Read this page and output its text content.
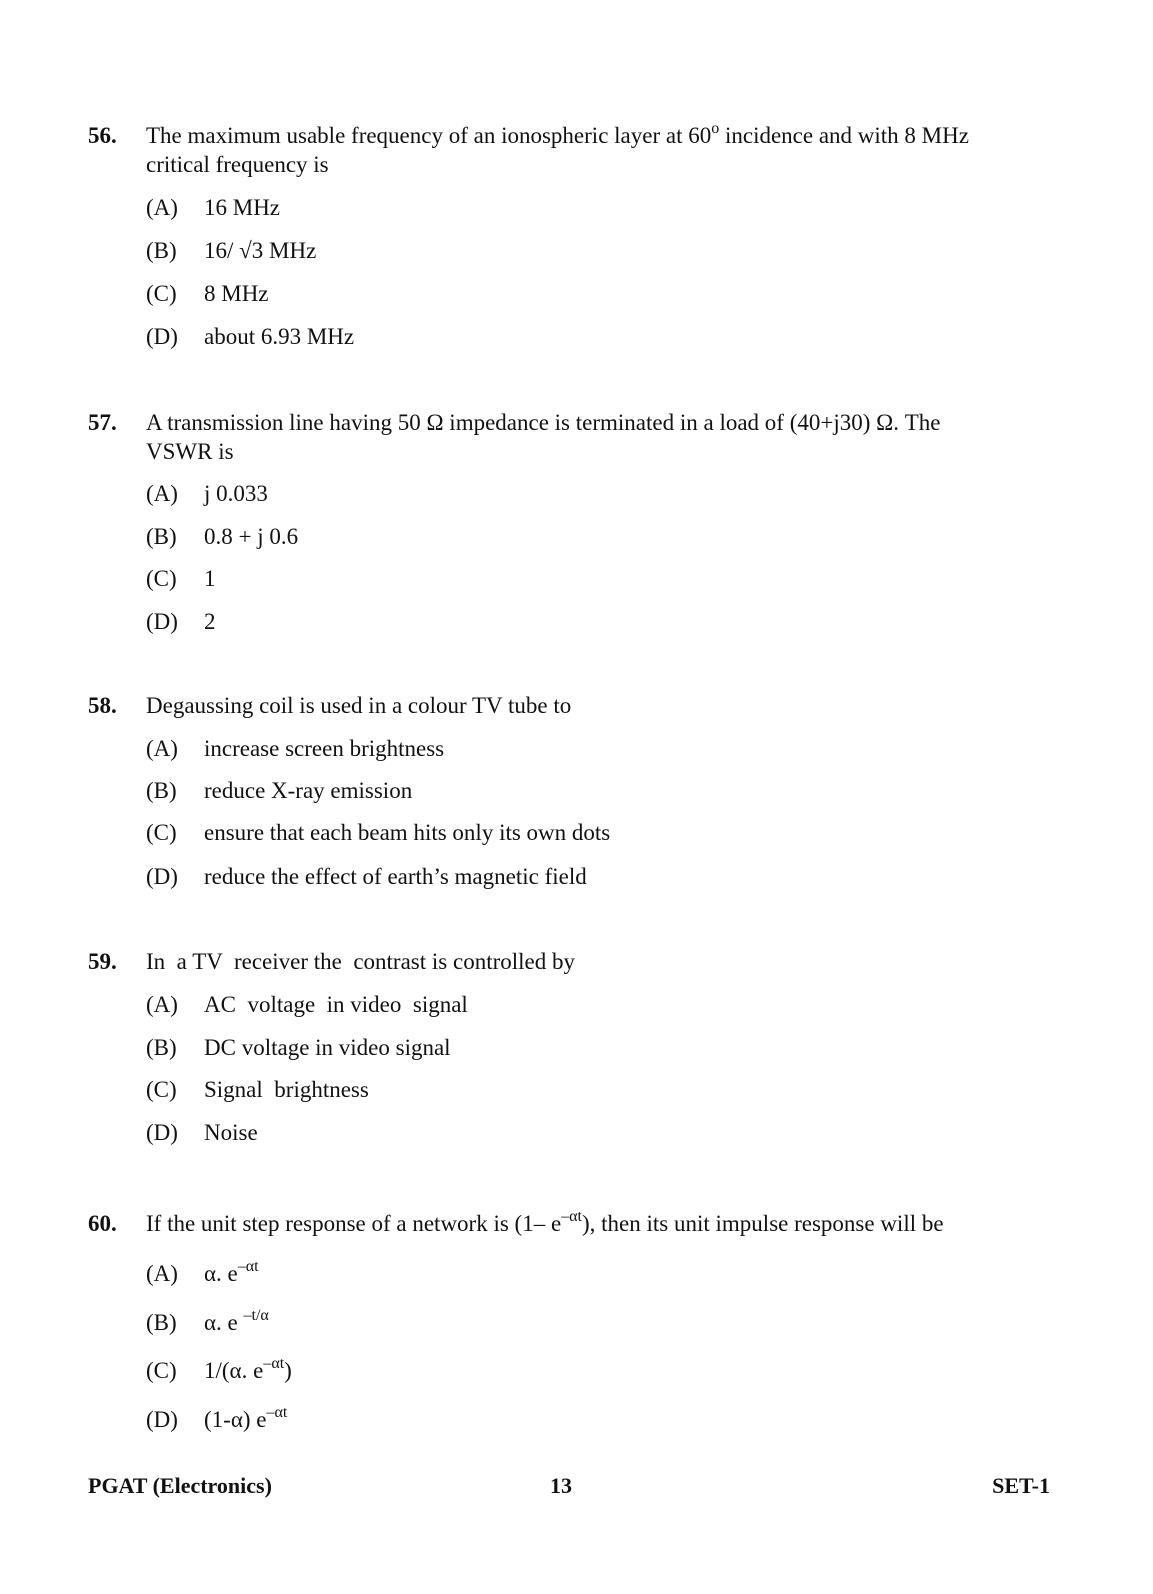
56. The maximum usable frequency of an ionospheric layer at 60$^o$ incidence and with 8 MHz
critical frequency is
(A) 16 MHz
(B) 16/ √3 MHz
(C) 8 MHz
(D) about 6.93 MHz
57. A transmission line having 50 Ω impedance is terminated in a load of (40+j30) Ω. The
VSWR is
(A) j 0.033
(B) 0.8 + j 0.6
(C) 1
(D) 2
58. Degaussing coil is used in a colour TV tube to
(A) increase screen brightness
(B) reduce X-ray emission
(C) ensure that each beam hits only its own dots
(D) reduce the effect of earth’s magnetic field
59. In  a TV  receiver the  contrast is controlled by

(A)

AC  voltage  in video  signal

(B) DC voltage in video signal

(C)

Signal  brightness

(D) Noise
60. If the unit step response of a network is (1– $e^{-\alpha t}$), then its unit impulse response will be
(A) α. $e^{-\alpha t}$

(B)

α. e $^{-t/\alpha}$

(C) 1/(α. $e^{-\alpha t}$)
(D) (1-α) $e^{-\alpha t}$
PGAT (Electronics)	13	SET-1
